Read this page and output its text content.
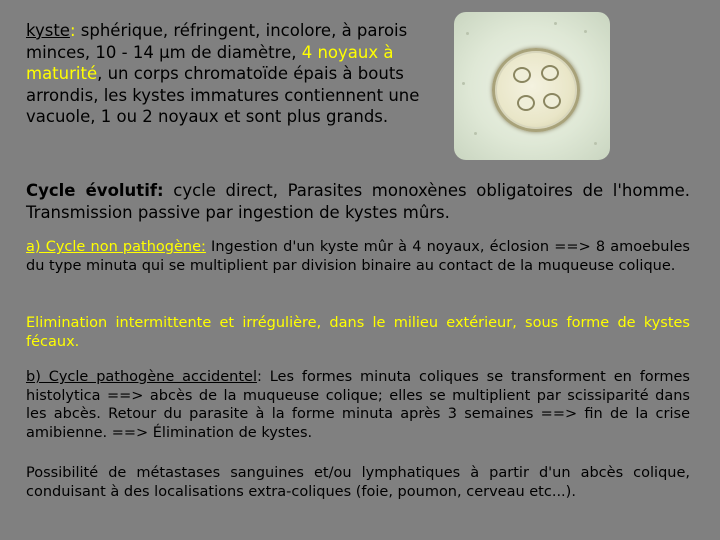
kyste: sphérique, réfringent, incolore, à parois minces, 10 - 14 µm de diamètre, 4 noyaux à maturité, un corps chromatoïde épais à bouts arrondis, les kystes immatures contiennent une vacuole, 1 ou 2 noyaux et sont plus grands.
Cycle évolutif: cycle direct, Parasites monoxènes obligatoires de l'homme. Transmission passive par ingestion de kystes mûrs.
a) Cycle non pathogène: Ingestion d'un kyste mûr à 4 noyaux, éclosion ==> 8 amoebules du type minuta qui se multiplient par division binaire au contact de la muqueuse colique.
Elimination intermittente et irrégulière, dans le milieu extérieur, sous forme de kystes fécaux.
b) Cycle pathogène accidentel: Les formes minuta coliques se transforment en formes histolytica ==> abcès de la muqueuse colique; elles se multiplient par scissiparité dans les abcès. Retour du parasite à la forme minuta après 3 semaines ==> fin de la crise amibienne. ==> Élimination de kystes.
Possibilité de métastases sanguines et/ou lymphatiques à partir d'un abcès colique, conduisant à des localisations extra-coliques (foie, poumon, cerveau etc...).
